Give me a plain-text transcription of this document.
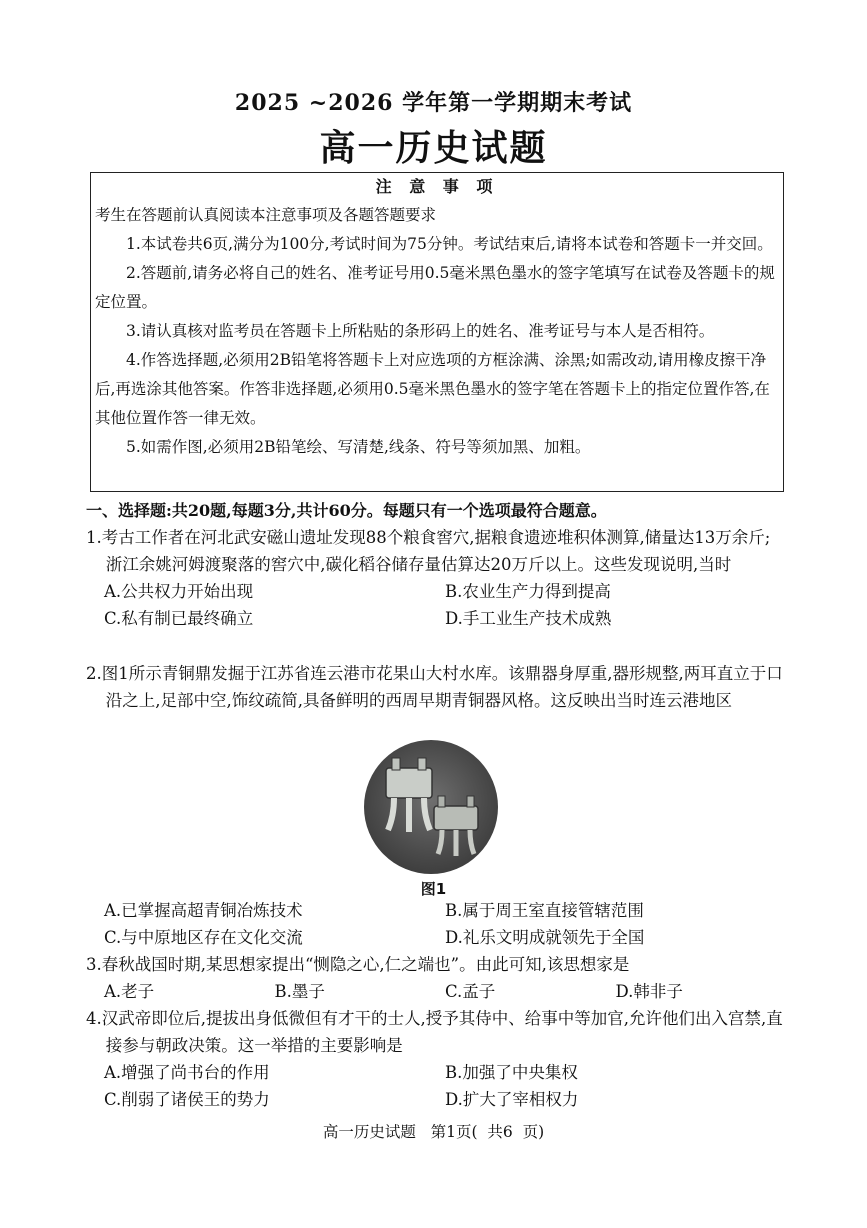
2025 ~2026 学年第一学期期末考试
高一历史试题
注 意 事 项

考生在答题前认真阅读本注意事项及各题答题要求

1.本试卷共6页,满分为100分,考试时间为75分钟。考试结束后,请将本试卷和答题卡一并交回。

2.答题前,请务必将自己的姓名、准考证号用0.5毫米黑色墨水的签字笔填写在试卷及答题卡的规定位置。

3.请认真核对监考员在答题卡上所粘贴的条形码上的姓名、准考证号与本人是否相符。

4.作答选择题,必须用2B铅笔将答题卡上对应选项的方框涂满、涂黑;如需改动,请用橡皮擦干净后,再选涂其他答案。作答非选择题,必须用0.5毫米黑色墨水的签字笔在答题卡上的指定位置作答,在其他位置作答一律无效。

5.如需作图,必须用2B铅笔绘、写清楚,线条、符号等须加黑、加粗。

一、选择题:共20题,每题3分,共计60分。每题只有一个选项最符合题意。

1.考古工作者在河北武安磁山遗址发现88个粮食窖穴,据粮食遗迹堆积体测算,储量达13万余斤;浙江余姚河姆渡聚落的窖穴中,碳化稻谷储存量估算达20万斤以上。这些发现说明,当时

A.公共权力开始出现	B.农业生产力得到提高
C.私有制已最终确立	D.手工业生产技术成熟

2.图1所示青铜鼎发掘于江苏省连云港市花果山大村水库。该鼎器身厚重,器形规整,两耳直立于口沿之上,足部中空,饰纹疏简,具备鲜明的西周早期青铜器风格。这反映出当时连云港地区

图1
A.已掌握高超青铜冶炼技术	B.属于周王室直接管辖范围
C.与中原地区存在文化交流	D.礼乐文明成就领先于全国

3.春秋战国时期,某思想家提出“恻隐之心,仁之端也”。由此可知,该思想家是

A.老子	B.墨子	C.孟子	D.韩非子

4.汉武帝即位后,提拔出身低微但有才干的士人,授予其侍中、给事中等加官,允许他们出入宫禁,直接参与朝政决策。这一举措的主要影响是

A.增强了尚书台的作用	B.加强了中央集权
C.削弱了诸侯王的势力	D.扩大了宰相权力
高一历史试题   第1页(  共6  页)
